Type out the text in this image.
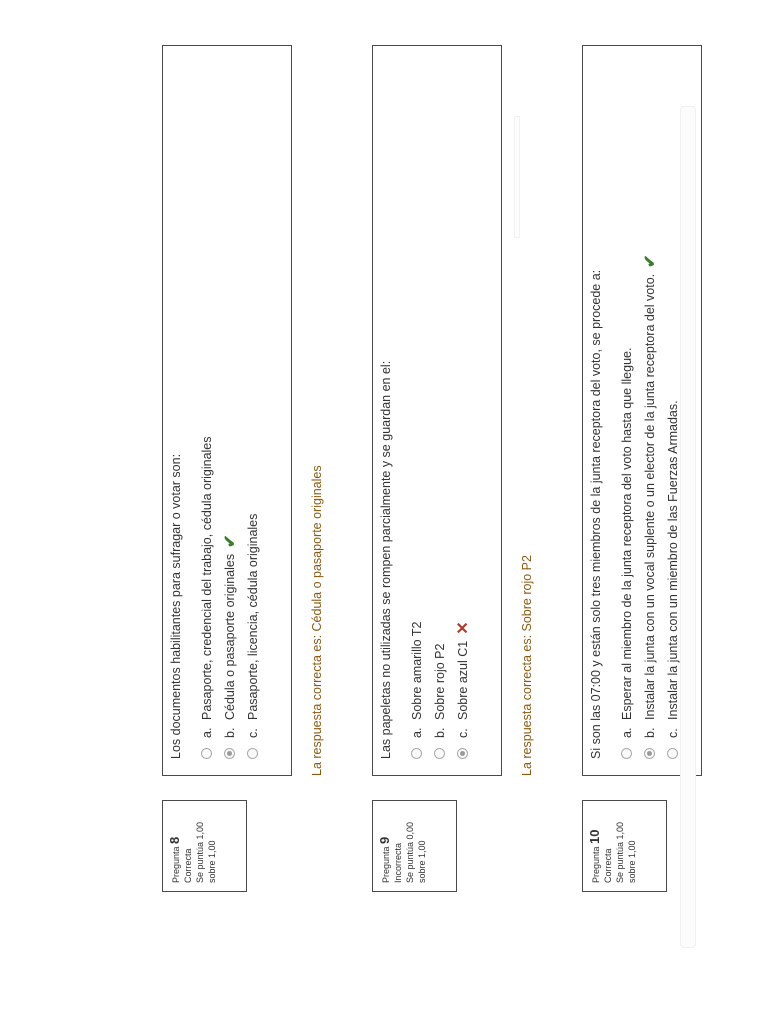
Pregunta 8
Correcta Se puntúa 1,00 sobre 1,00
Los documentos habilitantes para sufragar o votar son: a.
Pasaporte, credencial del trabajo, cédula originales
b.
Cédula o pasaporte originales
✔
c.
Pasaporte, licencia, cédula originales	La respuesta correcta es: Cédula o pasaporte originales
Pregunta 9
Incorrecta Se puntúa 0,00 sobre 1,00
Las papeletas no utilizadas se rompen parcialmente y se guardan en el: a.
Sobre amarillo T2
b.
Sobre rojo P2
c.
Sobre azul C1
✕	La respuesta correcta es: Sobre rojo P2
Pregunta 10
Correcta Se puntúa 1,00 sobre 1,00
Si son las 07:00 y están solo tres miembros de la junta receptora del voto, se procede a: a.
Esperar al miembro de la junta receptora del voto hasta que llegue.
b.
Instalar la junta con un vocal suplente o un elector de la junta receptora del voto.
✔
c.
Instalar la junta con un miembro de las Fuerzas Armadas.
